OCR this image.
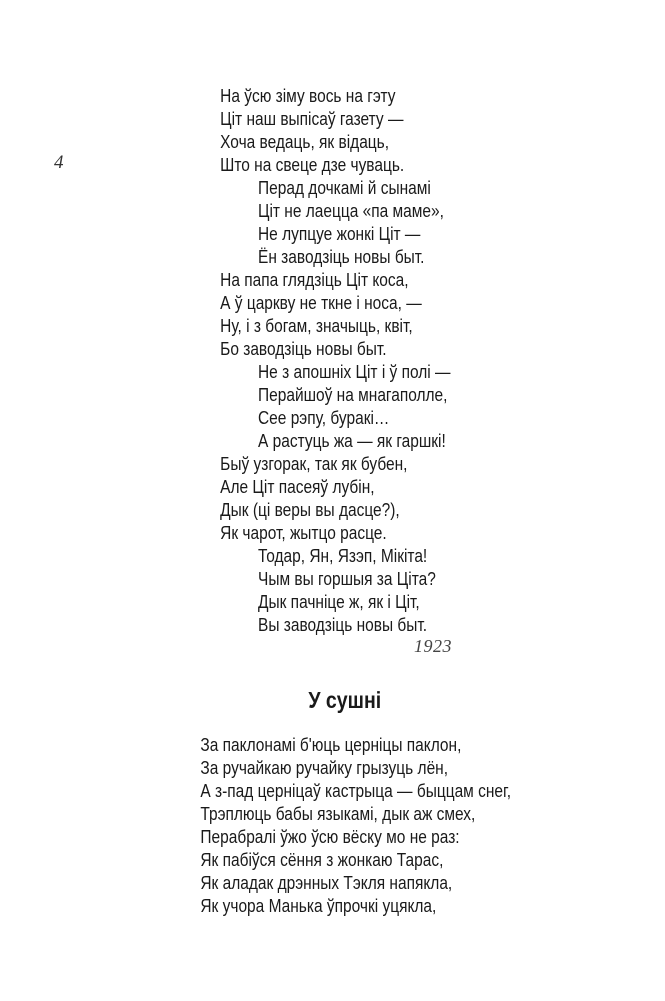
4
На ўсю зіму вось на гэту
Ціт наш выпісаў газету —
Хоча ведаць, як відаць,
Што на свеце дзе чуваць.
Перад дочкамі й сынамі
Ціт не лаецца «па маме»,
Не лупцуе жонкі Ціт —
Ён заводзіць новы быт.
На папа глядзіць Ціт коса,
А ў царкву не ткне і носа, —
Ну, і з богам, значыць, квіт,
Бо заводзіць новы быт.
Не з апошніх Ціт і ў полі —
Перайшоў на мнагаполле,
Сее рэпу, буракі…
А растуць жа — як гаршкі!
Быў узгорак, так як бубен,
Але Ціт пасеяў лубін,
Дык (ці веры вы дасце?),
Як чарот, жытцо расце.
Тодар, Ян, Язэп, Мікіта!
Чым вы горшыя за Ціта?
Дык пачніце ж, як і Ціт,
Вы заводзіць новы быт.
1923
У сушні
За паклонамі б'юць церніцы паклон,
За ручайкаю ручайку грызуць лён,
А з-пад церніцаў кастрыца — быццам снег,
Трэплюць бабы языкамі, дык аж смех,
Перабралі ўжо ўсю вёску мо не раз:
Як пабіўся сёння з жонкаю Тарас,
Як аладак дрэнных Тэкля напякла,
Як учора Манька ўпрочкі уцякла,
